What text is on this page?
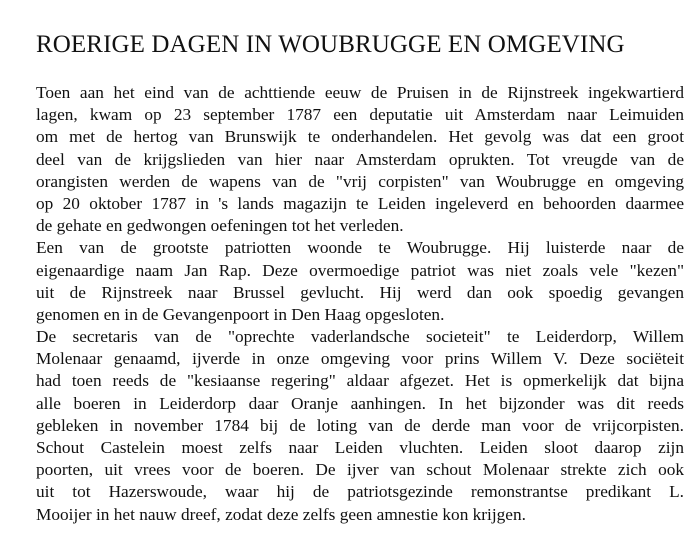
ROERIGE DAGEN IN WOUBRUGGE EN OMGEVING
Toen aan het eind van de achttiende eeuw de Pruisen in de Rijnstreek ingekwartierd
lagen, kwam op 23 september 1787 een deputatie uit Amsterdam naar Leimuiden
om met de hertog van Brunswijk te onderhandelen. Het gevolg was dat een groot
deel van de krijgslieden van hier naar Amsterdam oprukten. Tot vreugde van de
orangisten werden de wapens van de "vrij corpisten" van Woubrugge en omgeving
op 20 oktober 1787 in 's lands magazijn te Leiden ingeleverd en behoorden daarmee
de gehate en gedwongen oefeningen tot het verleden.
Een van de grootste patriotten woonde te Woubrugge. Hij luisterde naar de
eigenaardige naam Jan Rap. Deze overmoedige patriot was niet zoals vele "kezen"
uit de Rijnstreek naar Brussel gevlucht. Hij werd dan ook spoedig gevangen
genomen en in de Gevangenpoort in Den Haag opgesloten.
De secretaris van de "oprechte vaderlandsche societeit" te Leiderdorp, Willem
Molenaar genaamd, ijverde in onze omgeving voor prins Willem V. Deze sociëteit
had toen reeds de "kesiaanse regering" aldaar afgezet. Het is opmerkelijk dat bijna
alle boeren in Leiderdorp daar Oranje aanhingen. In het bijzonder was dit reeds
gebleken in november 1784 bij de loting van de derde man voor de vrijcorpisten.
Schout Castelein moest zelfs naar Leiden vluchten. Leiden sloot daarop zijn
poorten, uit vrees voor de boeren. De ijver van schout Molenaar strekte zich ook
uit tot Hazerswoude, waar hij de patriotsgezinde remonstrantse predikant L.
Mooijer in het nauw dreef, zodat deze zelfs geen amnestie kon krijgen.
